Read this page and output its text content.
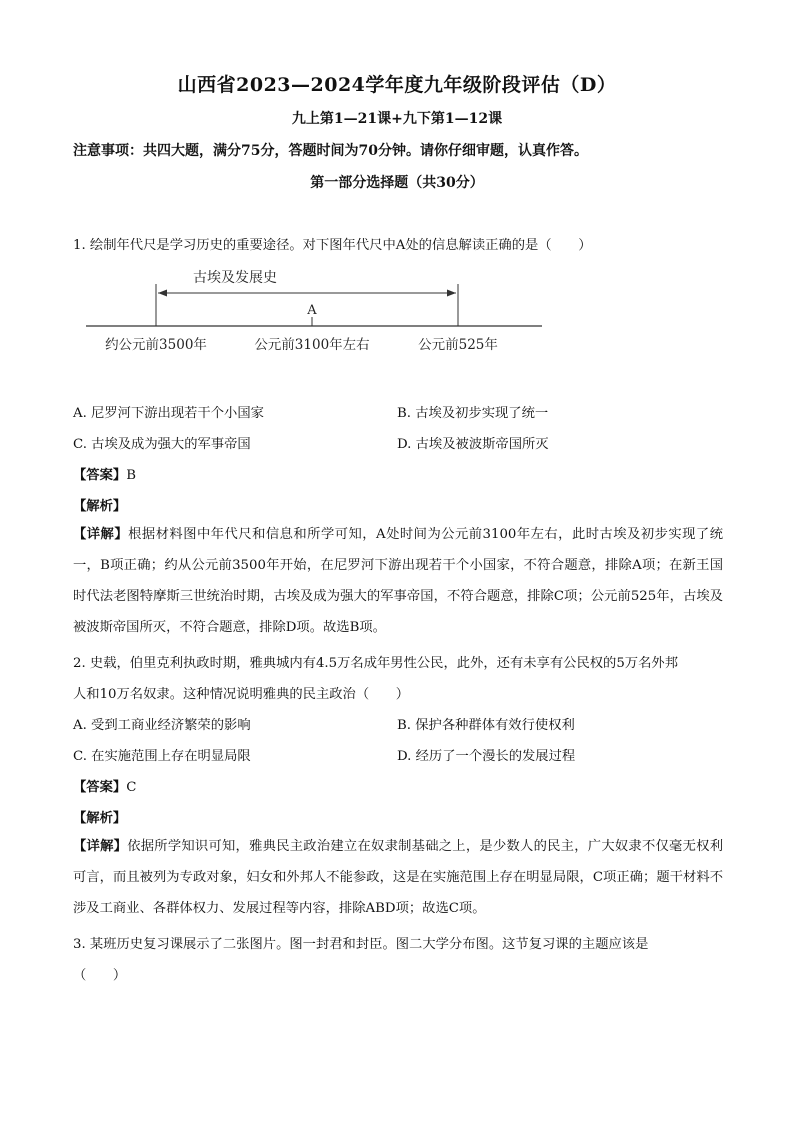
山西省2023—2024学年度九年级阶段评估（D）
九上第1—21课+九下第1—12课
注意事项：共四大题，满分75分，答题时间为70分钟。请你仔细审题，认真作答。
第一部分选择题（共30分）
1. 绘制年代尺是学习历史的重要途径。对下图年代尺中A处的信息解读正确的是（　　）
古埃及发展史
A
约公元前3500年	公元前3100年左右	公元前525年
A. 尼罗河下游出现若干个小国家	B. 古埃及初步实现了统一
C. 古埃及成为强大的军事帝国	D. 古埃及被波斯帝国所灭
【答案】B
【解析】
【详解】根据材料图中年代尺和信息和所学可知，A处时间为公元前3100年左右，此时古埃及初步实现了统一，B项正确；约从公元前3500年开始，在尼罗河下游出现若干个小国家，不符合题意，排除A项；在新王国时代法老图特摩斯三世统治时期，古埃及成为强大的军事帝国，不符合题意，排除C项；公元前525年，古埃及被波斯帝国所灭，不符合题意，排除D项。故选B项。
2. 史载，伯里克利执政时期，雅典城内有4.5万名成年男性公民，此外，还有未享有公民权的5万名外邦
人和10万名奴隶。这种情况说明雅典的民主政治（　　）
A. 受到工商业经济繁荣的影响	B. 保护各种群体有效行使权利
C. 在实施范围上存在明显局限	D. 经历了一个漫长的发展过程
【答案】C
【解析】
【详解】依据所学知识可知，雅典民主政治建立在奴隶制基础之上，是少数人的民主，广大奴隶不仅毫无权利可言，而且被列为专政对象，妇女和外邦人不能参政，这是在实施范围上存在明显局限，C项正确；题干材料不涉及工商业、各群体权力、发展过程等内容，排除ABD项；故选C项。
3. 某班历史复习课展示了二张图片。图一封君和封臣。图二大学分布图。这节复习课的主题应该是
（　　）
